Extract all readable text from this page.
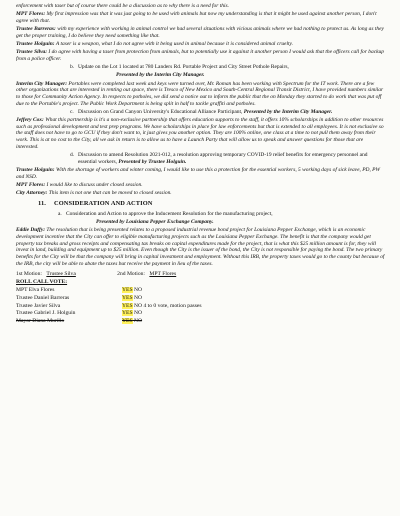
enforcement with taser but of course there could be a discussion as to why there is a need for this.

MPT Flores: My first impression was that it was just going to be used with animals but now my understanding is that it might be used against another person, I don't agree with that.

Trustee Barreras: with my experience with working in animal control we had several situations with vicious animals where we had nothing to protect us. As long as they get the proper training, I do believe they need something like that.

Trustee Holguin: A taser is a weapon, what I do not agree with it being used in animal because it is considered animal cruelty.

Trustee Silva: I do agree with having a taser from protection from animals, but to potentially use it against it another person I would ask that the officers call for backup from a police officer.

b. Update on the Lot 1 located at 780 Landers Rd. Portable Project and City Street Pothole Repairs,

Presented by the Interim City Manager.

Interim City Manager: Portables were completed last week and keys were turned over, Mr. Roman has been working with Spectrum for the IT work. There are a few other organizations that are interested in renting out space, there is Tresco of New Mexico and South-Central Regional Transit District, I have provided numbers similar to those for Community Action Agency. In respects to potholes, we did send a notice out to inform the public that the on Monday they started to do work that was put off due to the Portable's project. The Public Work Department is being split in half to tackle graffiti and potholes.

c. Discussion on Grand Canyon University's Educational Alliance Participant, Presented by the Interim City Manager.

Jeffery Cox: What this partnership is it's a non-exclusive partnership that offers education supports to the staff, it offers 10% scholarships in addition to other resources such as professional development and test prep programs. We have scholarships in place for law enforcements but that is extended to all employees. It is not exclusive so the staff does not have to go to GCU if they don't want to, it just gives you another option. They are 100% online, one class at a time to not pull them away from their work. This is at no cost to the City, all we ask in return is to allow us to have a Launch Party that will allow us to speak and answer questions for those that are interested.

d. Discussion to amend Resolution 2021-012, a resolution approving temporary COVID-19 relief benefits for emergency personnel and essential workers, Presented by Trustee Holguin.

Trustee Holguin: With the shortage of workers and winter coming, I would like to use this a protection for the essential workers, 5 working days of sick leave, PD, PW and NSD.

MPT Flores: I would like to discuss under closed session.

City Attorney: This item is not one that can be moved to closed session.

11. CONSIDERATION AND ACTION

a. Consideration and Action to approve the Inducement Resolution for the manufacturing project,

Presented by Louisiana Pepper Exchange Company.

Eddie Duffy: The resolution that is being presented relates to a proposed industrial revenue bond project for Louisiana Pepper Exchange, which is an economic development incentive that the City can offer to eligible manufacturing projects such as the Louisiana Pepper Exchange. The benefit is that the company would get property tax breaks and gross receipts and compensating tax breaks on capital expenditures made for the project, that is what this $25 million amount is for, they will invest in land, building and equipment up to $25 million. Even though the City is the issuer of the bond, the City is not responsible for paying the bond. The two primary benefits for the City will be that the company will bring in capital investment and employment. Without this IRB, the property taxes would go to the county but because of the IRB, the city will be able to abate the taxes but receive the payment in lieu of the taxes.

1st Motion: Trustee Silva	2nd Motion: MPT Flores
ROLL CALL VOTE:
MPT Elva Flores	YES NO
Trustee Daniel Barreras	YES NO
Trustee Javier Silva	YES NO 4 to 0 vote, motion passes
Trustee Gabriel J. Holguin	YES NO
Mayor Diana Murillo	YES NO
